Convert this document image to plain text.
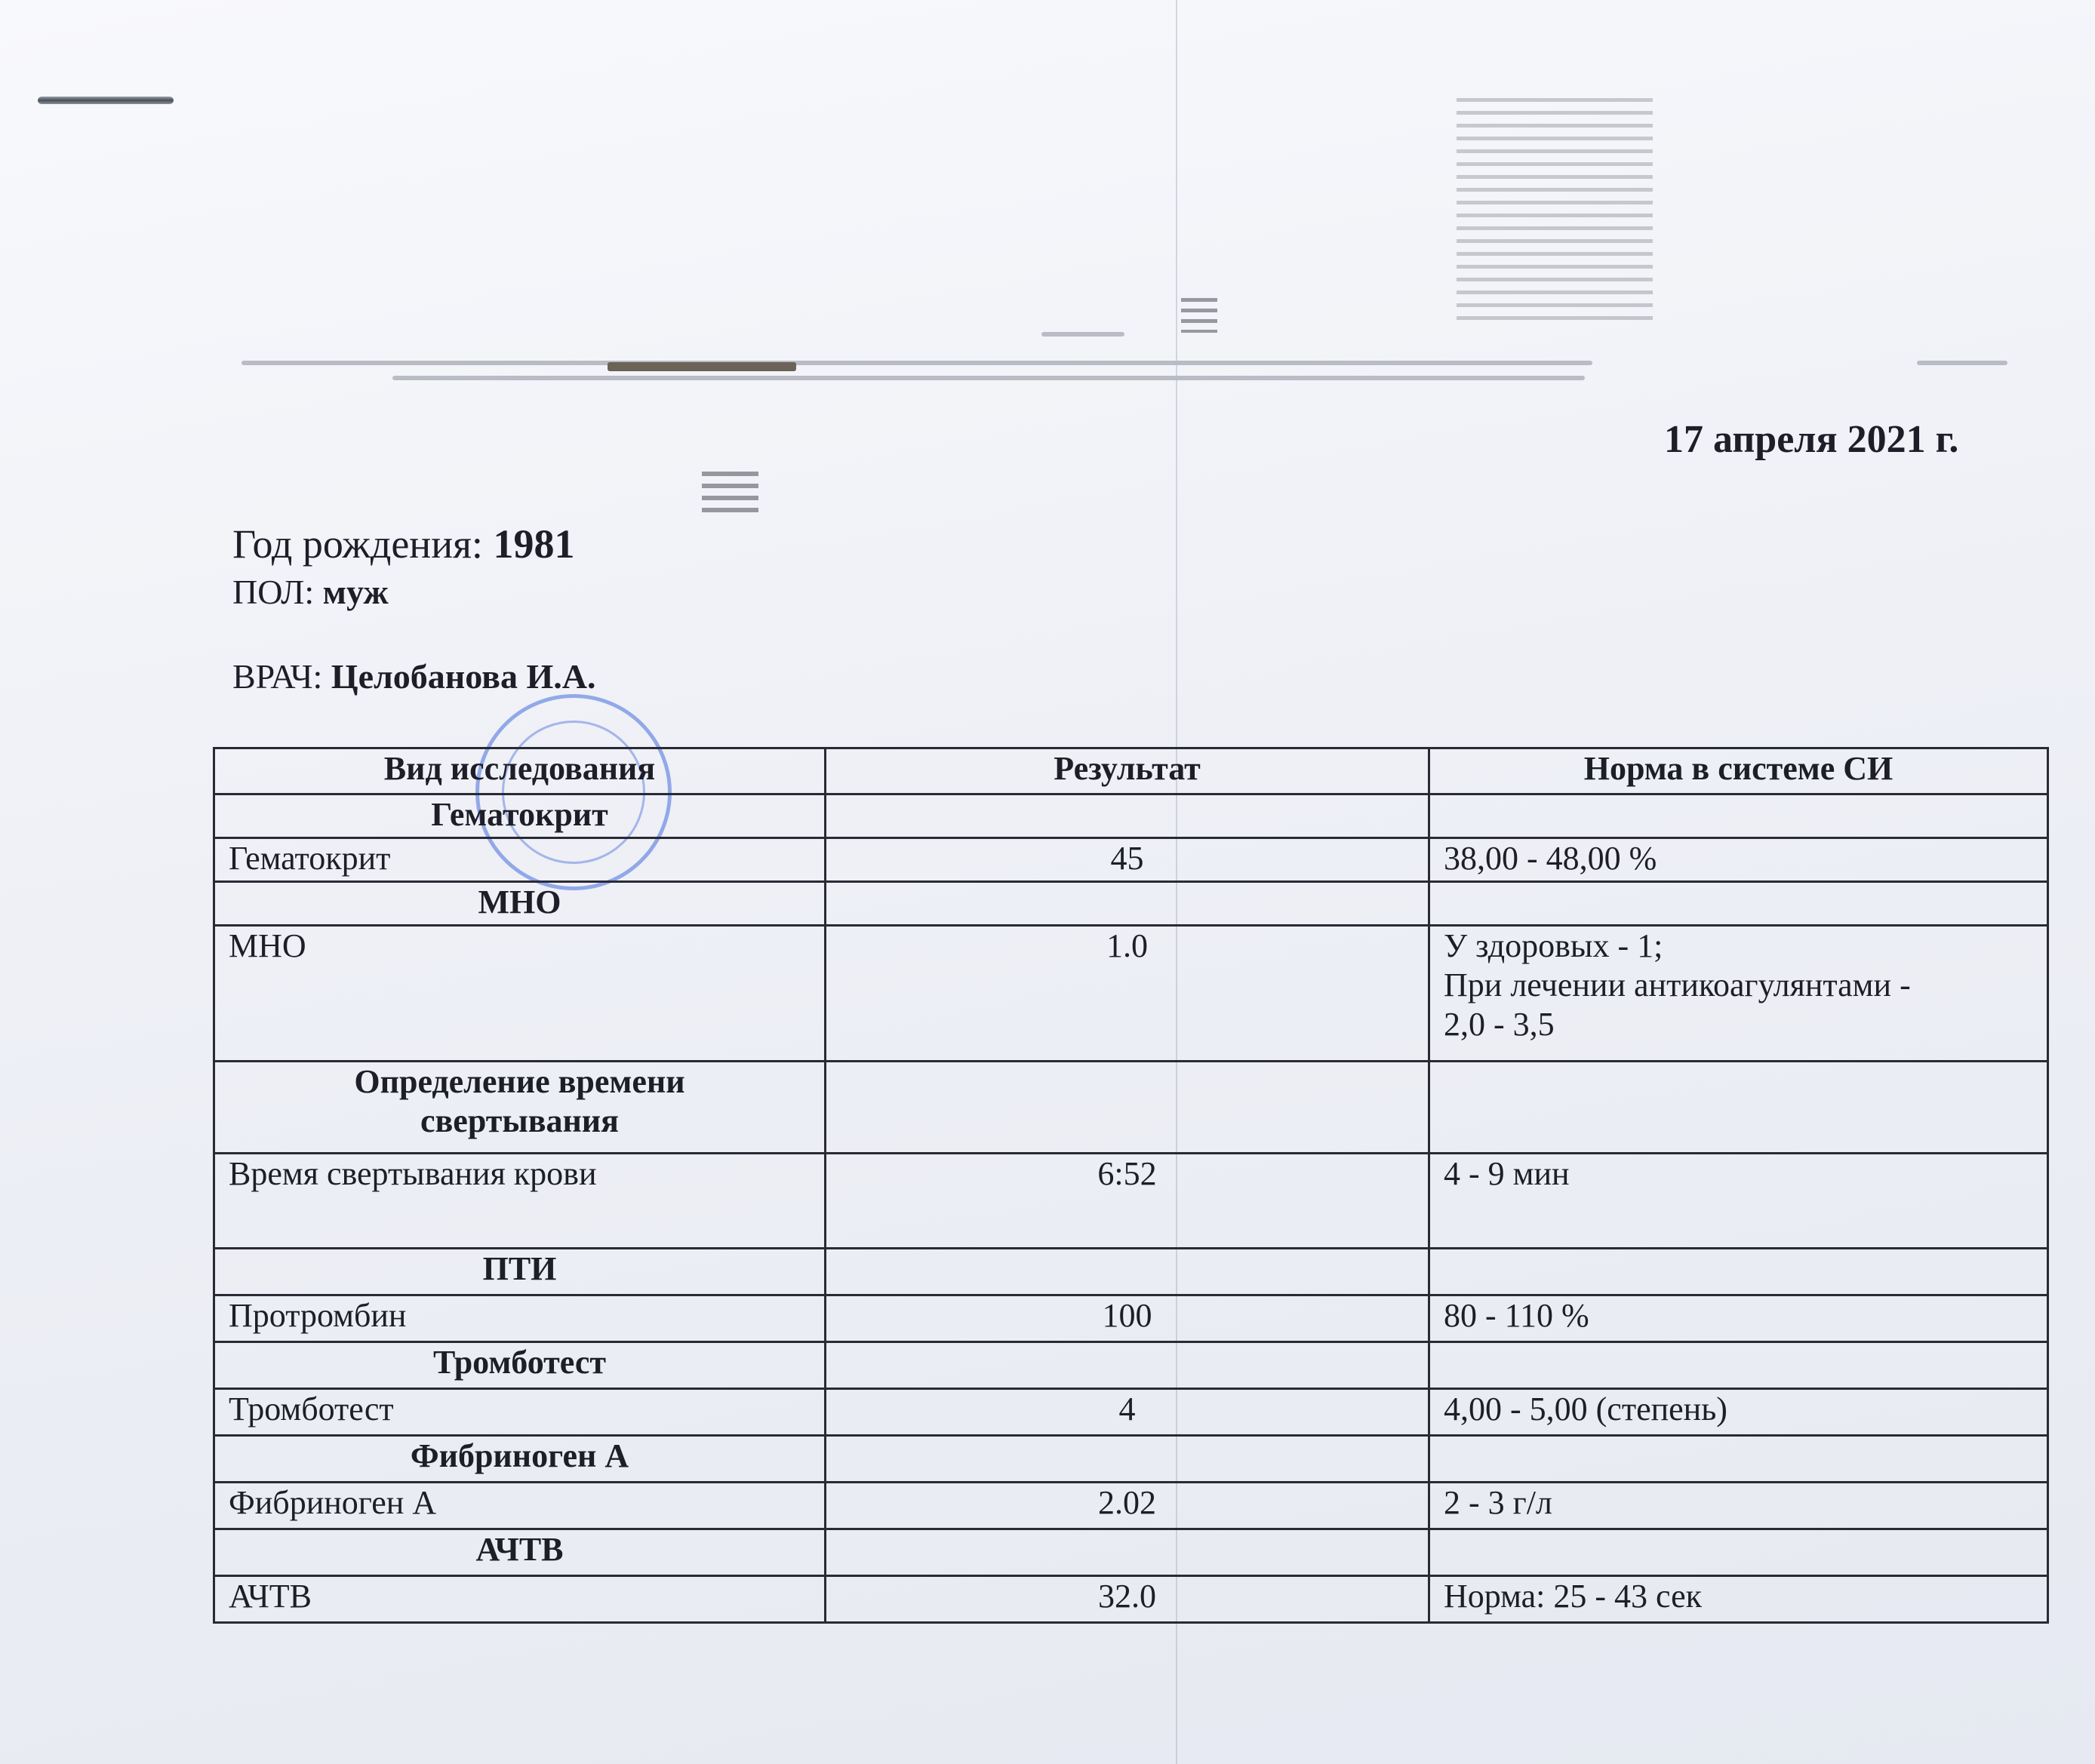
17 апреля 2021 г.
Год рождения: 1981
ПОЛ: муж
ВРАЧ: Целобанова И.А.
Вид исследования	Результат	Норма в системе СИ
Гематокрит		
Гематокрит	45	38,00 - 48,00 %
МНО		
МНО	1.0	У здоровых - 1;
При лечении антикоагулянтами -
2,0 - 3,5

Определение времени
свертывания		

Время свертывания крови	6:52	4 - 9 мин
ПТИ		
Протромбин	100	80 - 110 %
Тромботест		
Тромботест	4	4,00 - 5,00 (степень)
Фибриноген А		
Фибриноген А	2.02	2 - 3 г/л
АЧТВ		
АЧТВ	32.0	Норма: 25 - 43 сек
